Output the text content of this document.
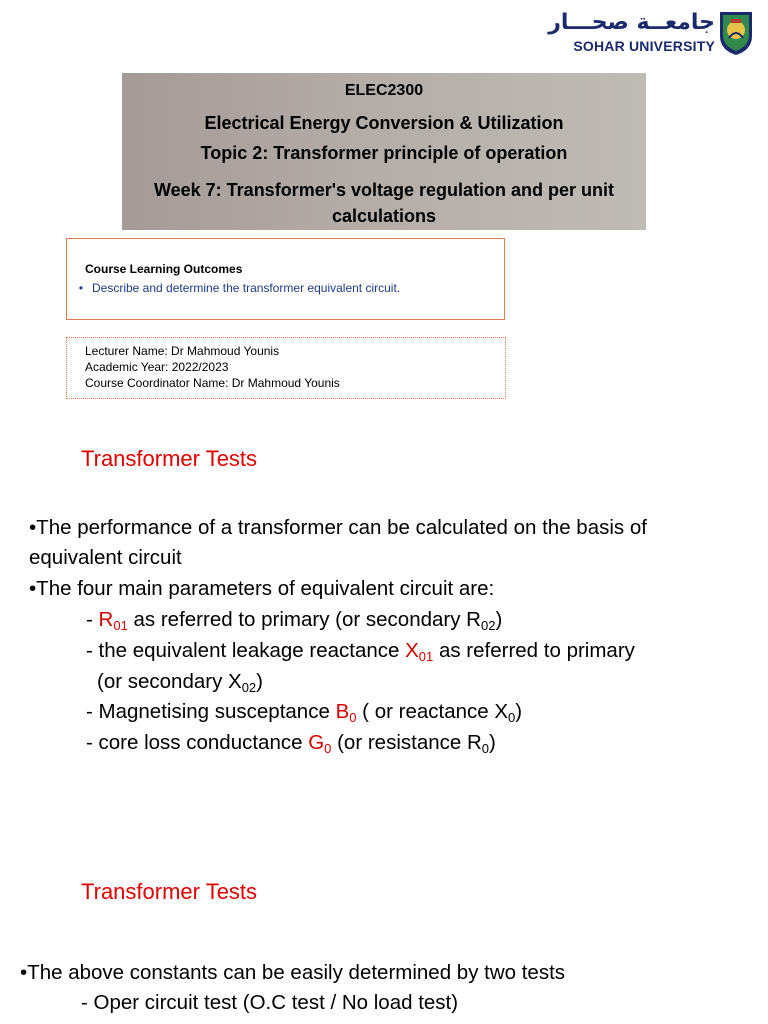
جامعــة صحـــار
SOHAR UNIVERSITY
ELEC2300
Electrical Energy Conversion & Utilization
Topic 2: Transformer principle of operation
Week 7: Transformer's voltage regulation and per unit calculations
Course Learning Outcomes
• Describe and determine the transformer equivalent circuit.
Lecturer Name: Dr Mahmoud Younis
Academic Year: 2022/2023
Course Coordinator Name: Dr Mahmoud Younis
Transformer Tests
•The performance of a transformer can be calculated on the basis of
equivalent circuit
•The four main parameters of equivalent circuit are:
- $R_{01}$ as referred to primary (or secondary $R_{02}$)
- the equivalent leakage reactance $X_{01}$ as referred to primary
(or secondary $X_{02}$)
- Magnetising susceptance $B_0$ ( or reactance $X_0$)
- core loss conductance $G_0$ (or resistance $R_0$)
Transformer Tests
•The above constants can be easily determined by two tests
- Oper circuit test (O.C test / No load test)
